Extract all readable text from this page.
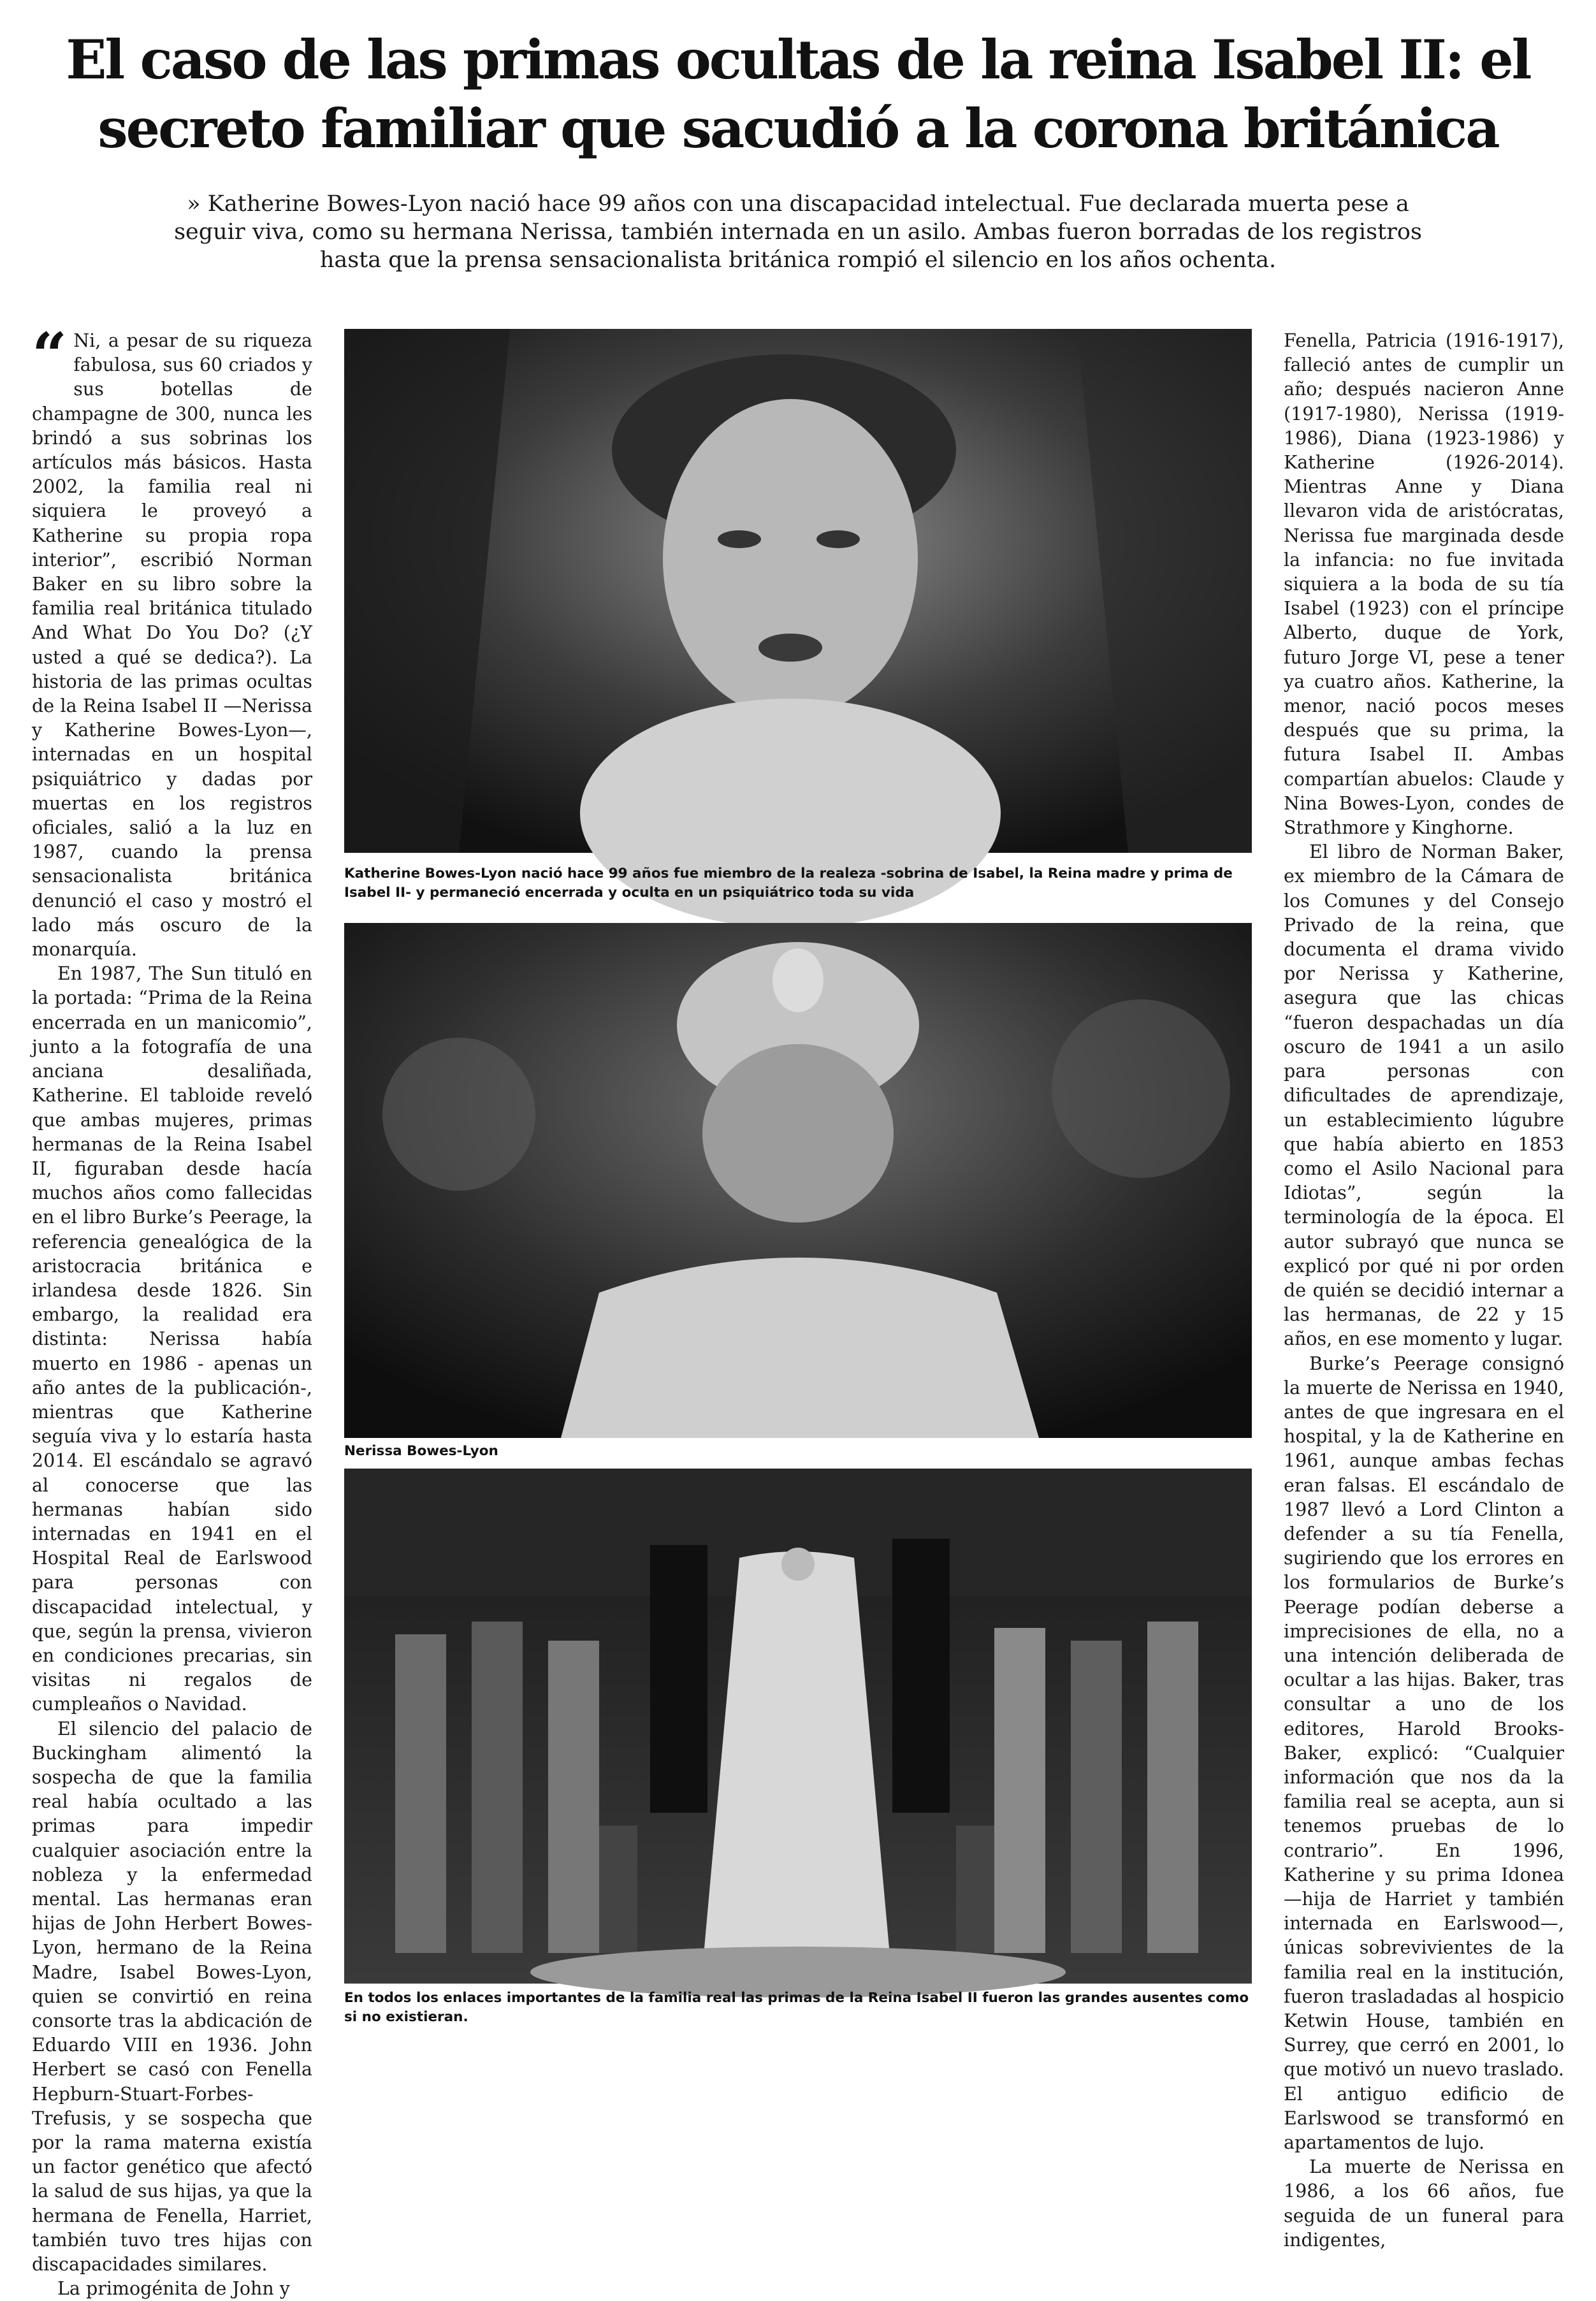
El caso de las primas ocultas de la reina Isabel II: el secreto familiar que sacudió a la corona británica
» Katherine Bowes-Lyon nació hace 99 años con una discapacidad intelectual. Fue declarada muerta pese a seguir viva, como su hermana Nerissa, también internada en un asilo. Ambas fueron borradas de los registros hasta que la prensa sensacionalista británica rompió el silencio en los años ochenta.
“ Ni, a pesar de su riqueza fabulosa, sus 60 criados y sus botellas de champagne de 300, nunca les brindó a sus sobrinas los artículos más básicos. Hasta 2002, la familia real ni siquiera le proveyó a Katherine su propia ropa interior”, escribió Norman Baker en su libro sobre la familia real británica titulado And What Do You Do? (¿Y usted a qué se dedica?). La historia de las primas ocultas de la Reina Isabel II —Nerissa y Katherine Bowes-Lyon—, internadas en un hospital psiquiátrico y dadas por muertas en los registros oficiales, salió a la luz en 1987, cuando la prensa sensacionalista británica denunció el caso y mostró el lado más oscuro de la monarquía.

En 1987, The Sun tituló en la portada: “Prima de la Reina encerrada en un manicomio”, junto a la fotografía de una anciana desaliñada, Katherine. El tabloide reveló que ambas mujeres, primas hermanas de la Reina Isabel II, figuraban desde hacía muchos años como fallecidas en el libro Burke’s Peerage, la referencia genealógica de la aristocracia británica e irlandesa desde 1826. Sin embargo, la realidad era distinta: Nerissa había muerto en 1986 - apenas un año antes de la publicación-, mientras que Katherine seguía viva y lo estaría hasta 2014. El escándalo se agravó al conocerse que las hermanas habían sido internadas en 1941 en el Hospital Real de Earlswood para personas con discapacidad intelectual, y que, según la prensa, vivieron en condiciones precarias, sin visitas ni regalos de cumpleaños o Navidad.

El silencio del palacio de Buckingham alimentó la sospecha de que la familia real había ocultado a las primas para impedir cualquier asociación entre la nobleza y la enfermedad mental. Las hermanas eran hijas de John Herbert Bowes-Lyon, hermano de la Reina Madre, Isabel Bowes-Lyon, quien se convirtió en reina consorte tras la abdicación de Eduardo VIII en 1936. John Herbert se casó con Fenella Hepburn-Stuart-Forbes-Trefusis, y se sospecha que por la rama materna existía un factor genético que afectó la salud de sus hijas, ya que la hermana de Fenella, Harriet, también tuvo tres hijas con discapacidades similares.

La primogénita de John y

Katherine Bowes-Lyon nació hace 99 años fue miembro de la realeza -sobrina de Isabel, la Reina madre y prima de Isabel II- y permaneció encerrada y oculta en un psiquiátrico toda su vida

Nerissa Bowes-Lyon

En todos los enlaces importantes de la familia real las primas de la Reina Isabel II fueron las grandes ausentes como si no existieran.

Fenella, Patricia (1916-1917), falleció antes de cumplir un año; después nacieron Anne (1917-1980), Nerissa (1919-1986), Diana (1923-1986) y Katherine (1926-2014). Mientras Anne y Diana llevaron vida de aristócratas, Nerissa fue marginada desde la infancia: no fue invitada siquiera a la boda de su tía Isabel (1923) con el príncipe Alberto, duque de York, futuro Jorge VI, pese a tener ya cuatro años. Katherine, la menor, nació pocos meses después que su prima, la futura Isabel II. Ambas compartían abuelos: Claude y Nina Bowes-Lyon, condes de Strathmore y Kinghorne.

El libro de Norman Baker, ex miembro de la Cámara de los Comunes y del Consejo Privado de la reina, que documenta el drama vivido por Nerissa y Katherine, asegura que las chicas “fueron despachadas un día oscuro de 1941 a un asilo para personas con dificultades de aprendizaje, un establecimiento lúgubre que había abierto en 1853 como el Asilo Nacional para Idiotas”, según la terminología de la época. El autor subrayó que nunca se explicó por qué ni por orden de quién se decidió internar a las hermanas, de 22 y 15 años, en ese momento y lugar.

Burke’s Peerage consignó la muerte de Nerissa en 1940, antes de que ingresara en el hospital, y la de Katherine en 1961, aunque ambas fechas eran falsas. El escándalo de 1987 llevó a Lord Clinton a defender a su tía Fenella, sugiriendo que los errores en los formularios de Burke’s Peerage podían deberse a imprecisiones de ella, no a una intención deliberada de ocultar a las hijas. Baker, tras consultar a uno de los editores, Harold Brooks-Baker, explicó: “Cualquier información que nos da la familia real se acepta, aun si tenemos pruebas de lo contrario”. En 1996, Katherine y su prima Idonea —hija de Harriet y también internada en Earlswood—, únicas sobrevivientes de la familia real en la institución, fueron trasladadas al hospicio Ketwin House, también en Surrey, que cerró en 2001, lo que motivó un nuevo traslado. El antiguo edificio de Earlswood se transformó en apartamentos de lujo.

La muerte de Nerissa en 1986, a los 66 años, fue seguida de un funeral para indigentes,
